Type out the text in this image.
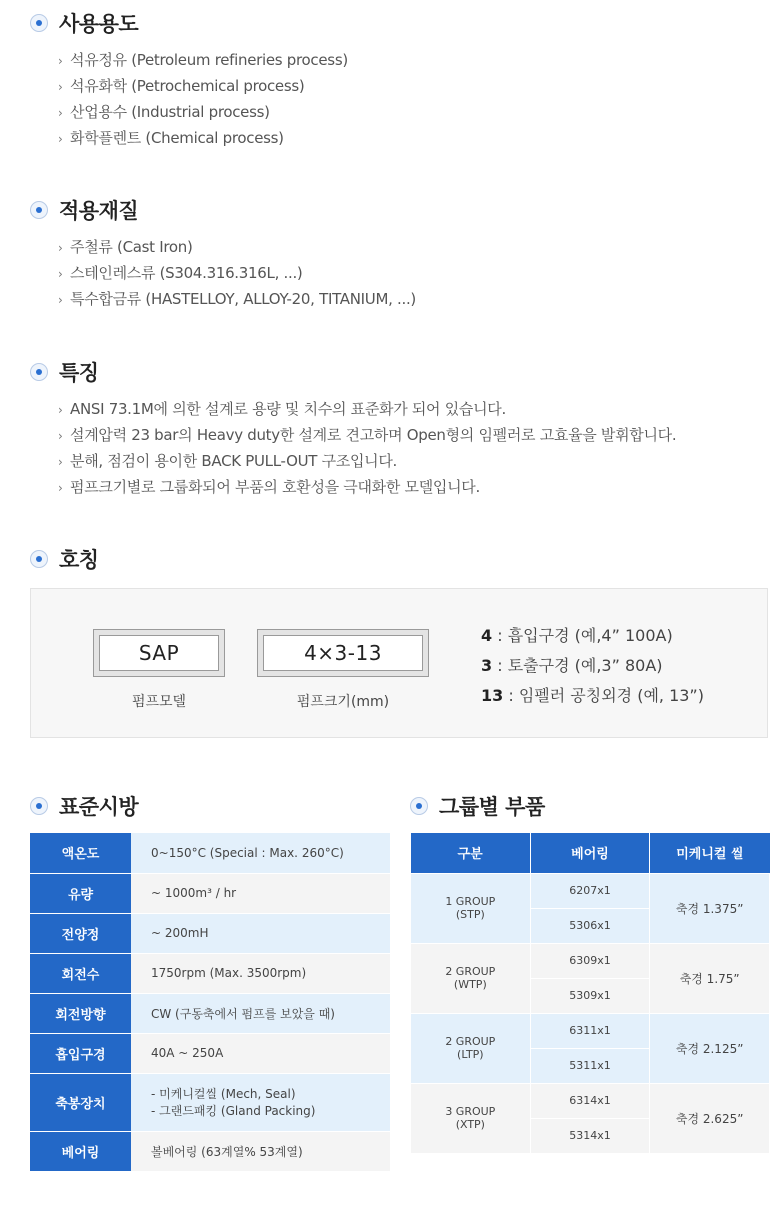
사용용도
› 석유정유 (Petroleum refineries process)
› 석유화학 (Petrochemical process)
› 산업용수 (Industrial process)
› 화학플렌트 (Chemical process)
적용재질
› 주철류 (Cast Iron)
› 스테인레스류 (S304.316.316L, ...)
› 특수합금류 (HASTELLOY, ALLOY-20, TITANIUM, ...)
특징
› ANSI 73.1M에 의한 설계로 용량 및 치수의 표준화가 되어 있습니다.
› 설계압력 23 bar의 Heavy duty한 설계로 견고하며 Open형의 임펠러로 고효율을 발휘합니다.
› 분해, 점검이 용이한 BACK PULL-OUT 구조입니다.
› 펌프크기별로 그룹화되어 부품의 호환성을 극대화한 모델입니다.
호칭
SAP	4×3-13
펌프모델	펌프크기(mm)
4 : 흡입구경 (예,4” 100A)
3 : 토출구경 (예,3” 80A)
13 : 임펠러 공칭외경 (예, 13”)
표준시방
액온도	0~150°C (Special : Max. 260°C)
유량	~ 1000m³ / hr
전양정	~ 200mH
회전수	1750rpm (Max. 3500rpm)
회전방향	CW (구동축에서 펌프를 보았을 때)
흡입구경	40A ~ 250A
축봉장치	- 미케니컬씰 (Mech, Seal)
- 그랜드패킹 (Gland Packing)

베어링	볼베어링 (63계열% 53계열)
그룹별 부품
구분	베어링	미케니컬 씰

1 GROUP
(STP)	6207x1	축경 1.375”
	5306x1	

2 GROUP
(WTP)	6309x1	축경 1.75”
	5309x1	

2 GROUP
(LTP)	6311x1	축경 2.125”
	5311x1	

3 GROUP
(XTP)	6314x1	축경 2.625”
	5314x1	
